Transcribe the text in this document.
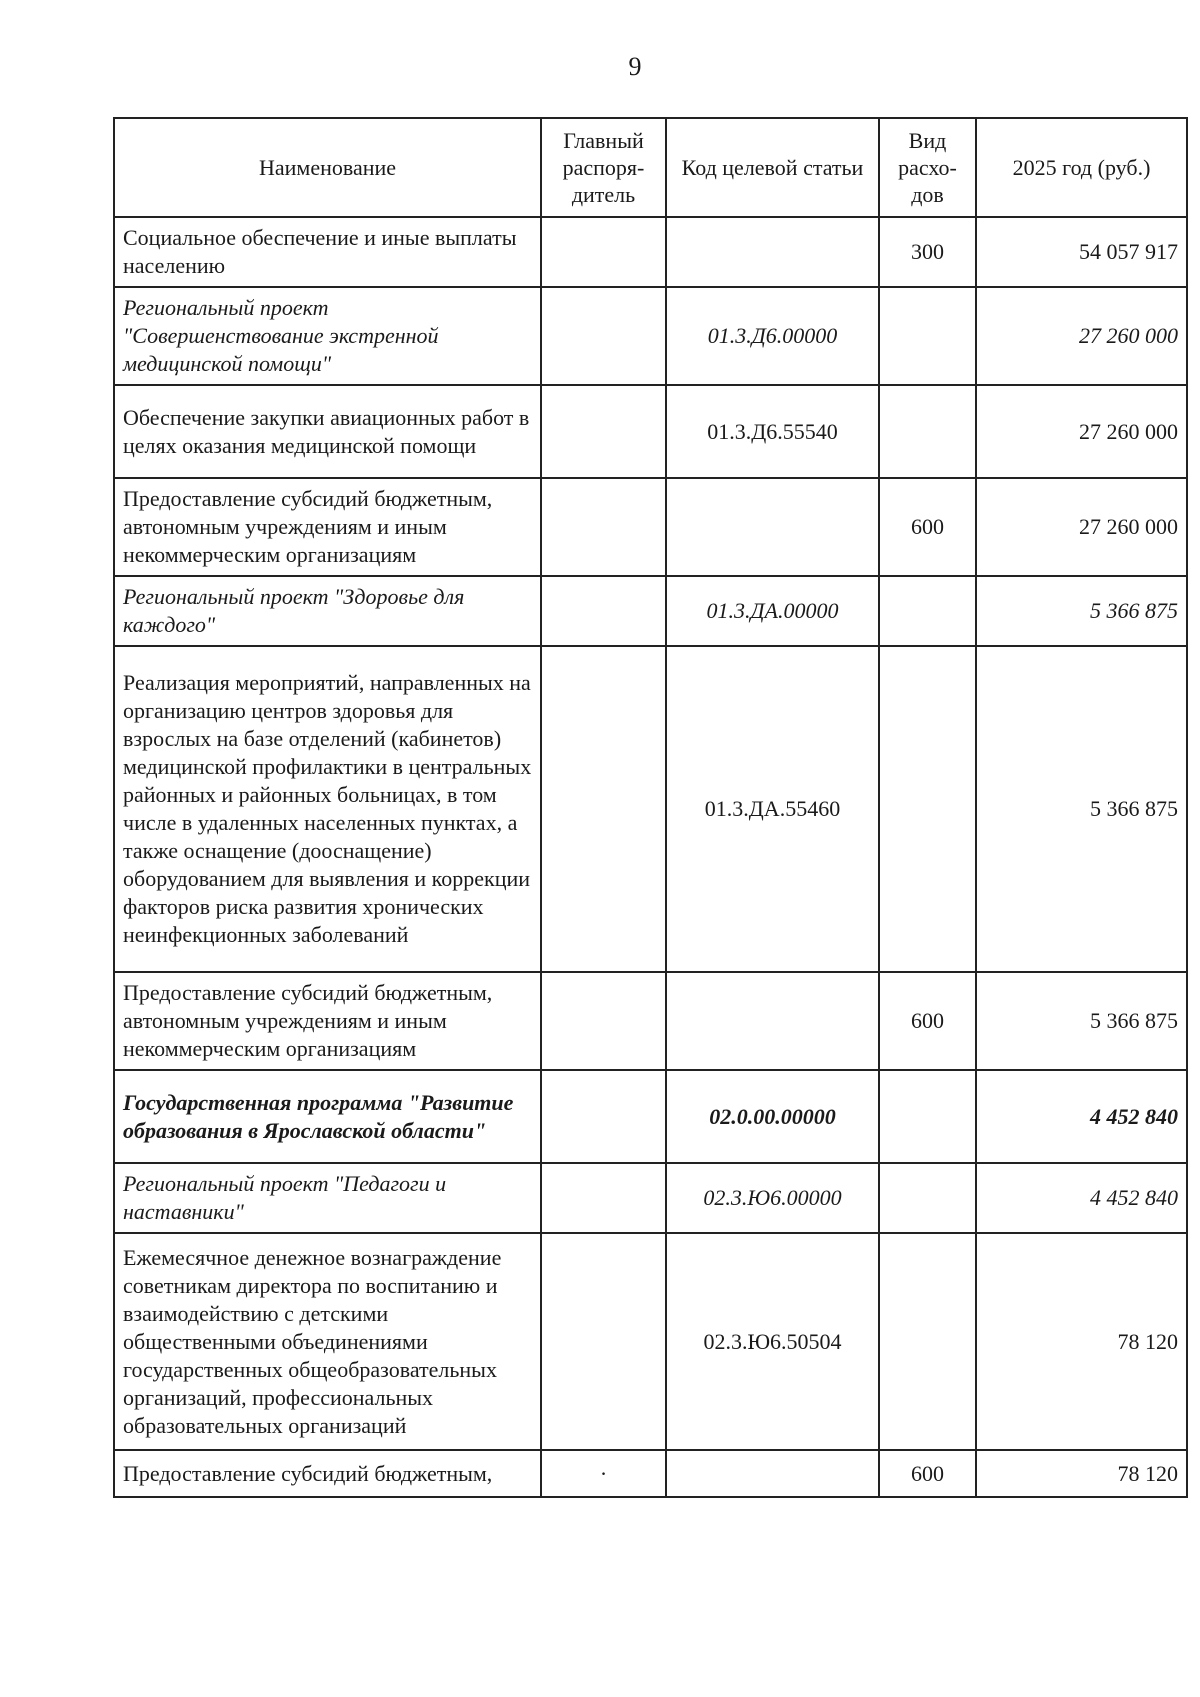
9
Наименование	Главный распоря-дитель	Код целевой статьи	Вид расхо-дов	2025 год (руб.)
Социальное обеспечение и иные выплаты населению			300	54 057 917
Региональный проект "Совершенствование экстренной медицинской помощи"		01.3.Д6.00000		27 260 000
Обеспечение закупки авиационных работ в целях оказания медицинской помощи		01.3.Д6.55540		27 260 000
Предоставление субсидий бюджетным, автономным учреждениям и иным некоммерческим организациям			600	27 260 000
Региональный проект "Здоровье для каждого"		01.3.ДА.00000		5 366 875
Реализация мероприятий, направленных на организацию центров здоровья для взрослых на базе отделений (кабинетов) медицинской профилактики в центральных районных и районных больницах, в том числе в удаленных населенных пунктах, а также оснащение (дооснащение) оборудованием для выявления и коррекции факторов риска развития хронических неинфекционных заболеваний		01.3.ДА.55460		5 366 875
Предоставление субсидий бюджетным, автономным учреждениям и иным некоммерческим организациям			600	5 366 875
Государственная программа "Развитие образования в Ярославской области"		02.0.00.00000		4 452 840
Региональный проект "Педагоги и наставники"		02.3.Ю6.00000		4 452 840
Ежемесячное денежное вознаграждение советникам директора по воспитанию и взаимодействию с детскими общественными объединениями государственных общеобразовательных организаций, профессиональных образовательных организаций		02.3.Ю6.50504		78 120
Предоставление субсидий бюджетным,	·		600	78 120
